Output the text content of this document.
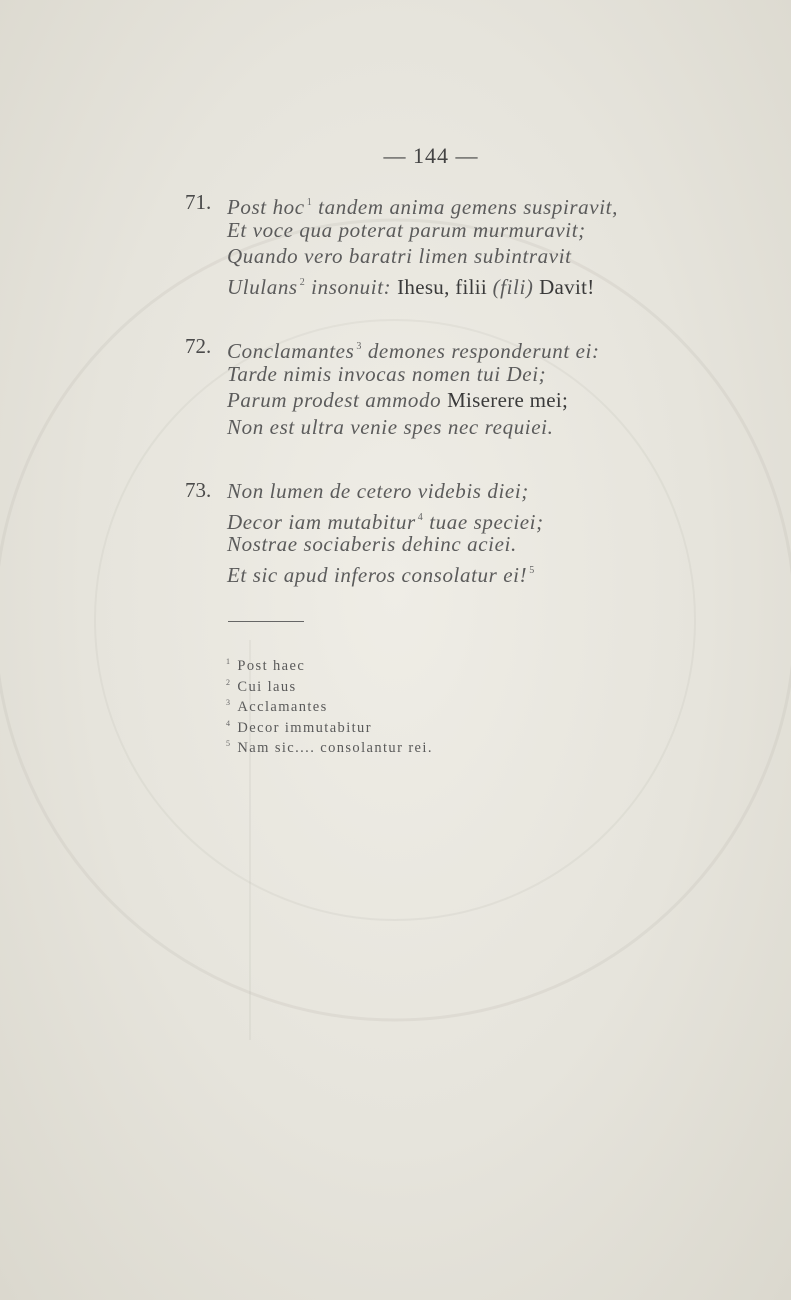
— 144 —
71. Post hoc $^1$ tandem anima gemens suspiravit,
Et voce qua poterat parum murmuravit;
Quando vero baratri limen subintravit
Ululans $^2$ insonuit: Ihesu, filii (fili) Davit!
72. Conclamantes $^3$ demones responderunt ei:
Tarde nimis invocas nomen tui Dei;
Parum prodest ammodo Miserere mei;
Non est ultra venie spes nec requiei.
73. Non lumen de cetero videbis diei;
Decor iam mutabitur $^4$ tuae speciei;
Nostrae sociaberis dehinc aciei.
Et sic apud inferos consolatur ei! $^5$
$^1$ Post haec
$^2$ Cui laus
$^3$ Acclamantes
$^4$ Decor immutabitur
$^5$ Nam sic.... consolantur rei.
